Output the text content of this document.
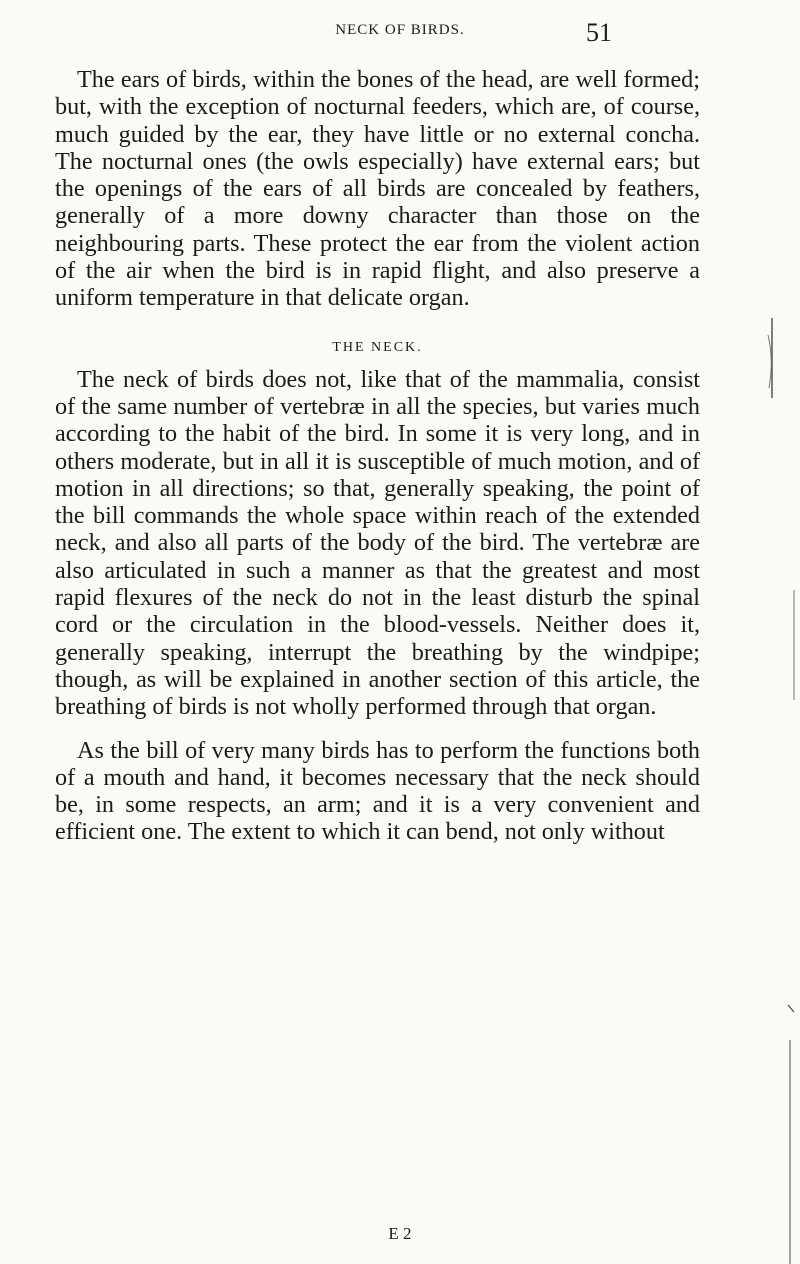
NECK OF BIRDS.	51

The ears of birds, within the bones of the head, are well formed; but, with the exception of nocturnal feeders, which are, of course, much guided by the ear, they have little or no external concha. The nocturnal ones (the owls especially) have external ears; but the openings of the ears of all birds are concealed by feathers, generally of a more downy character than those on the neighbouring parts. These protect the ear from the violent action of the air when the bird is in rapid flight, and also preserve a uniform temperature in that delicate organ.

THE NECK.

The neck of birds does not, like that of the mammalia, consist of the same number of vertebræ in all the species, but varies much according to the habit of the bird. In some it is very long, and in others moderate, but in all it is susceptible of much motion, and of motion in all directions; so that, generally speaking, the point of the bill commands the whole space within reach of the extended neck, and also all parts of the body of the bird. The vertebræ are also articulated in such a manner as that the greatest and most rapid flexures of the neck do not in the least disturb the spinal cord or the circulation in the blood-vessels. Neither does it, generally speaking, interrupt the breathing by the windpipe; though, as will be explained in another section of this article, the breathing of birds is not wholly performed through that organ.

As the bill of very many birds has to perform the functions both of a mouth and hand, it becomes necessary that the neck should be, in some respects, an arm; and it is a very convenient and efficient one. The extent to which it can bend, not only without

E 2
